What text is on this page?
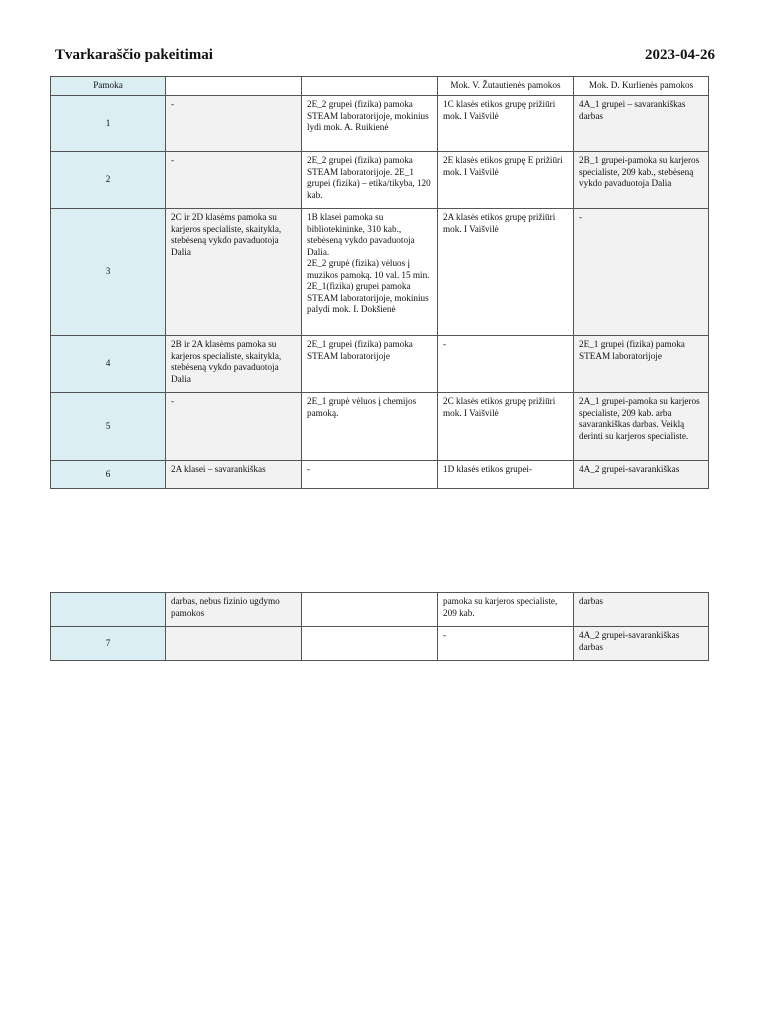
Tvarkaraščio pakeitimai	2023-04-26
Pamoka			Mok. V. Žutautienės pamokos	Mok. D. Kurlienės pamokos
1	-	2E_2 grupei (fizika) pamoka STEAM laboratorijoje, mokinius lydi mok. A. Ruikienė	1C klasės etikos grupę prižiūri mok. I Vaišvilė	4A_1 grupei – savarankiškas darbas
2	-	2E_2 grupei (fizika) pamoka STEAM laboratorijoje. 2E_1 grupei (fizika) – etika/tikyba, 120 kab.	2E klasės etikos grupę E prižiūri mok. I Vaišvilė	2B_1 grupei-pamoka su karjeros specialiste, 209 kab., stebėseną vykdo pavaduotoja Dalia
3	2C ir 2D klasėms pamoka su karjeros specialiste, skaitykla, stebėseną vykdo pavaduotoja Dalia	1B klasei pamoka su bibliotekininke, 310 kab., stebėseną vykdo pavaduotoja Dalia.
2E_2 grupė (fizika) vėluos į muzikos pamoką. 10 val. 15 min. 2E_1(fizika) grupei pamoka STEAM laboratorijoje, mokinius palydi mok. I. Dokšienė	2A klasės etikos grupę prižiūri mok. I Vaišvilė	-
4	2B ir 2A klasėms pamoka su karjeros specialiste, skaitykla, stebėseną vykdo pavaduotoja Dalia	2E_1 grupei (fizika) pamoka STEAM laboratorijoje	-	2E_1 grupei (fizika) pamoka STEAM laboratorijoje
5	-	2E_1 grupė vėluos į chemijos pamoką.	2C klasės etikos grupę prižiūri mok. I Vaišvilė	2A_1 grupei-pamoka su karjeros specialiste, 209 kab. arba savarankiškas darbas. Veiklą derinti su karjeros specialiste.
6	2A klasei – savarankiškas	-	1D klasės etikos grupei-	4A_2 grupei-savarankiškas
	darbas, nebus fizinio ugdymo pamokos		pamoka su karjeros specialiste, 209 kab.	darbas
7			-	4A_2 grupei-savarankiškas darbas
